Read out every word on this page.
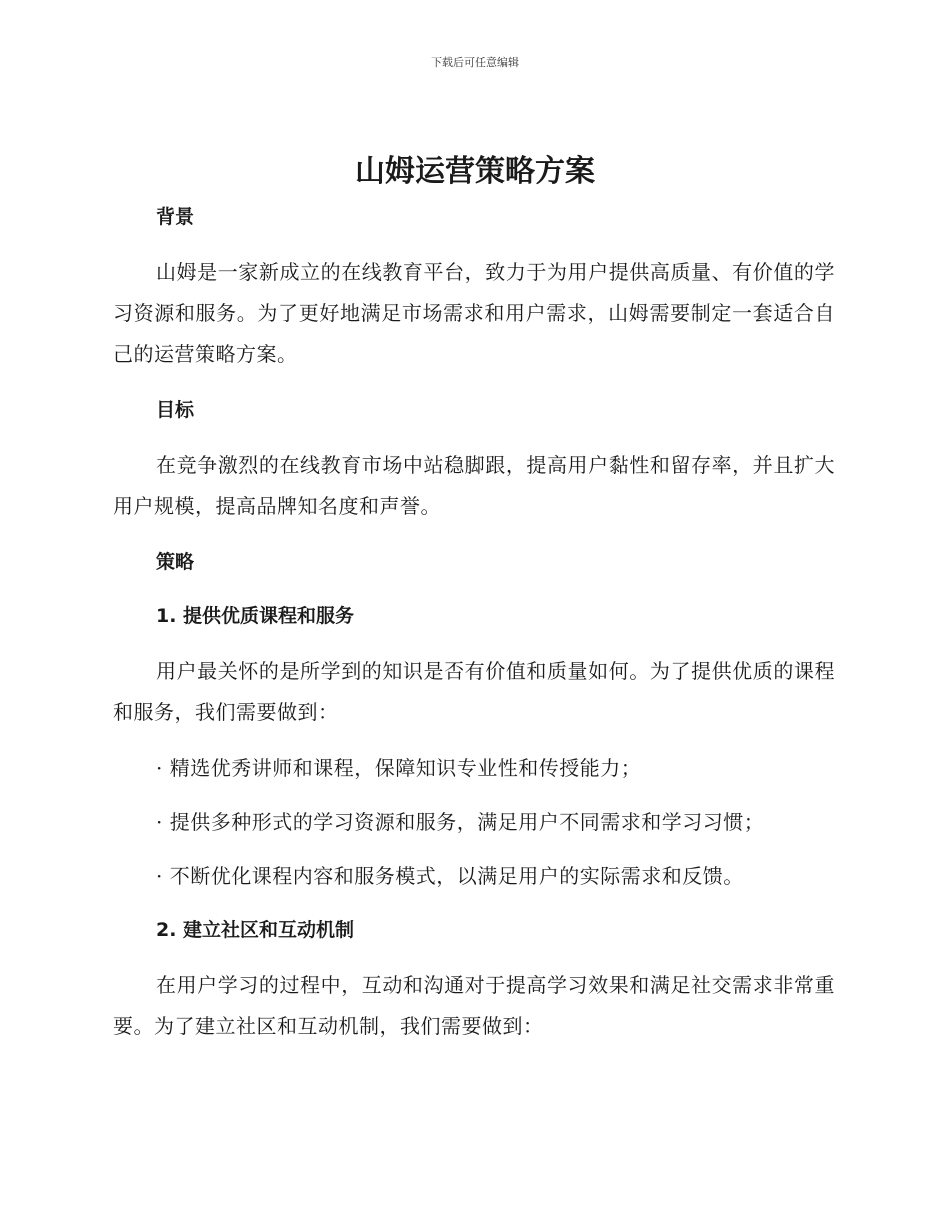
下载后可任意编辑
山姆运营策略方案

背景

山姆是一家新成立的在线教育平台，致力于为用户提供高质量、有价值的学习资源和服务。为了更好地满足市场需求和用户需求，山姆需要制定一套适合自己的运营策略方案。

目标

在竞争激烈的在线教育市场中站稳脚跟，提高用户黏性和留存率，并且扩大用户规模，提高品牌知名度和声誉。

策略

1. 提供优质课程和服务

用户最关怀的是所学到的知识是否有价值和质量如何。为了提供优质的课程和服务，我们需要做到：

· 精选优秀讲师和课程，保障知识专业性和传授能力；

· 提供多种形式的学习资源和服务，满足用户不同需求和学习习惯；

· 不断优化课程内容和服务模式，以满足用户的实际需求和反馈。

2. 建立社区和互动机制

在用户学习的过程中，互动和沟通对于提高学习效果和满足社交需求非常重要。为了建立社区和互动机制，我们需要做到：
